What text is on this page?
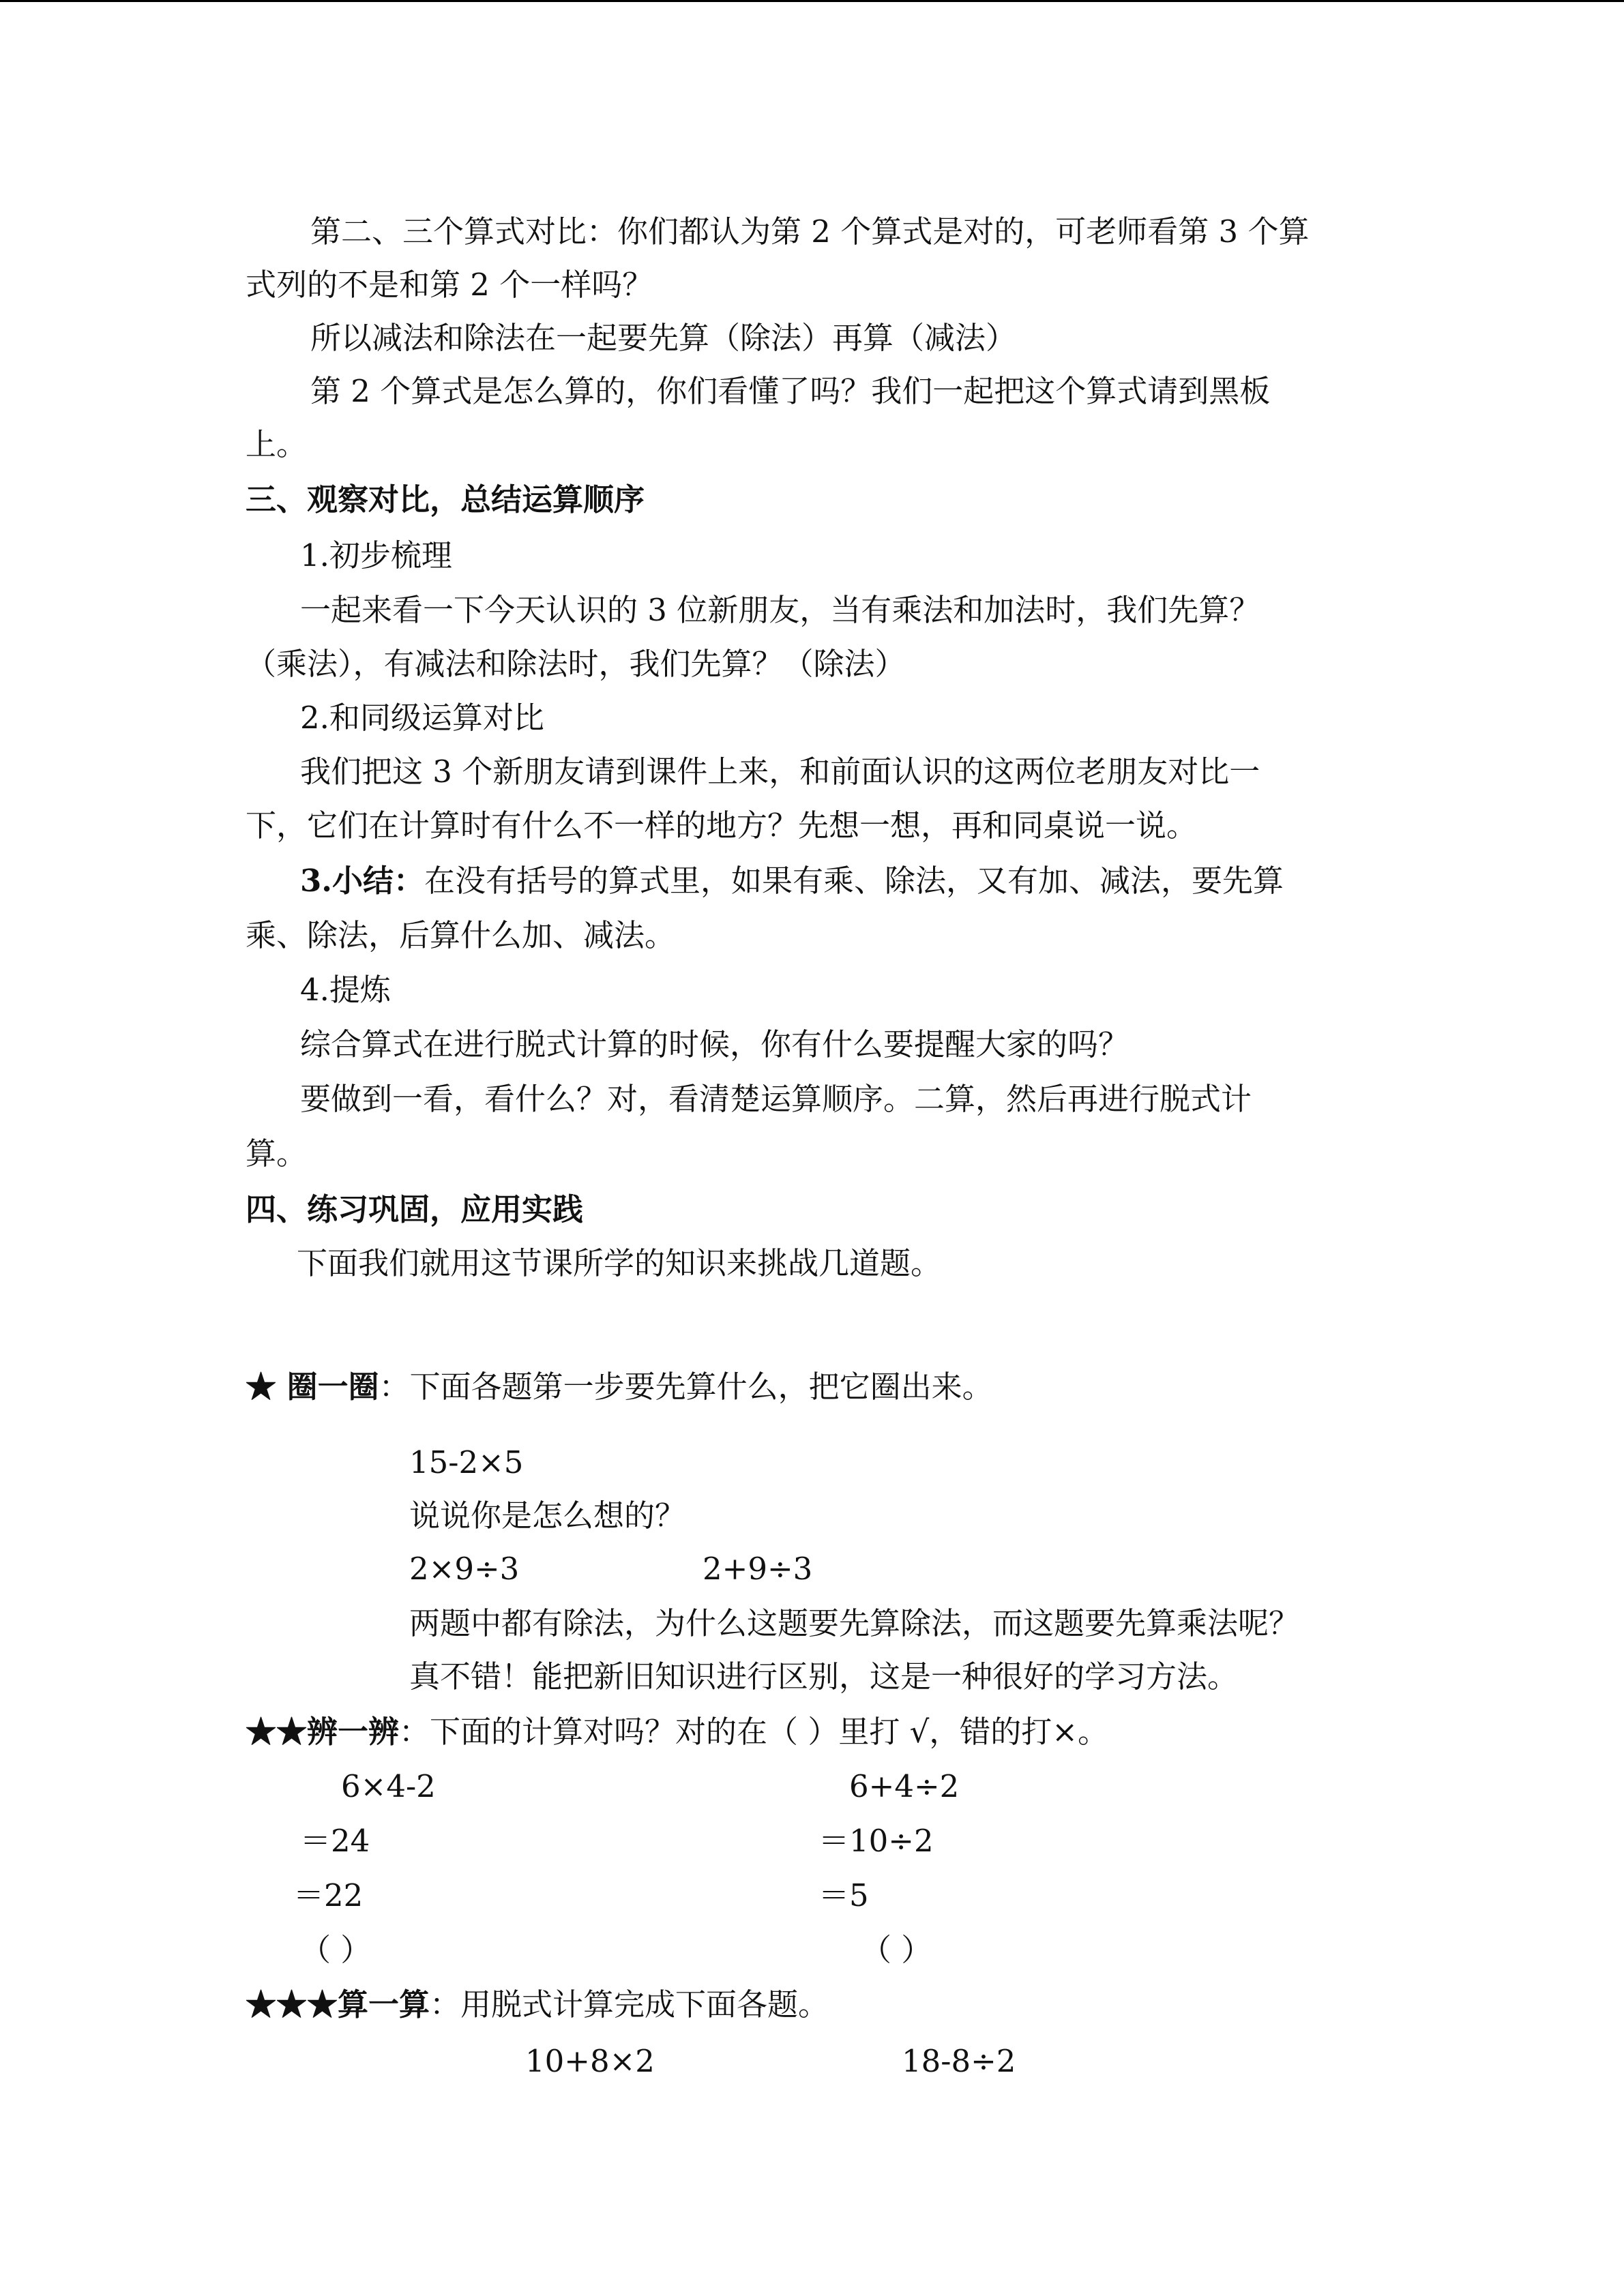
第二、三个算式对比：你们都认为第 2 个算式是对的，可老师看第 3 个算
式列的不是和第 2 个一样吗？
所以减法和除法在一起要先算（除法）再算（减法）
第 2 个算式是怎么算的，你们看懂了吗？我们一起把这个算式请到黑板
上。
三、观察对比，总结运算顺序
1.初步梳理
一起来看一下今天认识的 3 位新朋友，当有乘法和加法时，我们先算？
（乘法），有减法和除法时，我们先算？（除法）
2.和同级运算对比
我们把这 3 个新朋友请到课件上来，和前面认识的这两位老朋友对比一
下，它们在计算时有什么不一样的地方？先想一想，再和同桌说一说。
3.小结：在没有括号的算式里，如果有乘、除法，又有加、减法，要先算
乘、除法，后算什么加、减法。
4.提炼
综合算式在进行脱式计算的时候，你有什么要提醒大家的吗？
要做到一看，看什么？对，看清楚运算顺序。二算，然后再进行脱式计
算。
四、练习巩固，应用实践
下面我们就用这节课所学的知识来挑战几道题。
★ 圈一圈：下面各题第一步要先算什么，把它圈出来。
15-2×5
说说你是怎么想的？
2×9÷3	2+9÷3
两题中都有除法，为什么这题要先算除法，而这题要先算乘法呢？
真不错！能把新旧知识进行区别，这是一种很好的学习方法。
★★辨一辨：下面的计算对吗？对的在（ ）里打 √，错的打×。
6×4-2	6+4÷2
＝24	＝10÷2
＝22	＝5
（ ）	（ ）
★★★算一算：用脱式计算完成下面各题。
10+8×2	18-8÷2
